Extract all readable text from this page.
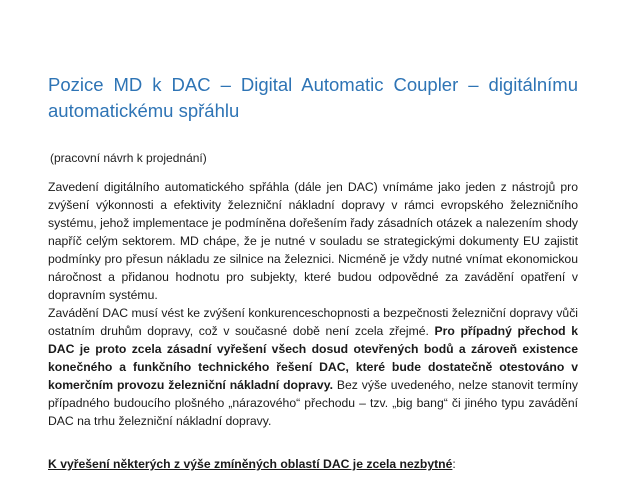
Pozice MD k DAC – Digital Automatic Coupler – digitálnímu automatickému spřáhlu

(pracovní návrh k projednání)

Zavedení digitálního automatického spřáhla (dále jen DAC) vnímáme jako jeden z nástrojů pro zvýšení výkonnosti a efektivity železniční nákladní dopravy v rámci evropského železničního systému, jehož implementace je podmíněna dořešením řady zásadních otázek a nalezením shody napříč celým sektorem. MD chápe, že je nutné v souladu se strategickými dokumenty EU zajistit podmínky pro přesun nákladu ze silnice na železnici. Nicméně je vždy nutné vnímat ekonomickou náročnost a přidanou hodnotu pro subjekty, které budou odpovědné za zavádění opatření v dopravním systému.

Zavádění DAC musí vést ke zvýšení konkurenceschopnosti a bezpečnosti železniční dopravy vůči ostatním druhům dopravy, což v současné době není zcela zřejmé. Pro případný přechod k DAC je proto zcela zásadní vyřešení všech dosud otevřených bodů a zároveň existence konečného a funkčního technického řešení DAC, které bude dostatečně otestováno v komerčním provozu železniční nákladní dopravy. Bez výše uvedeného, nelze stanovit termíny případného budoucího plošného „nárazového“ přechodu – tzv. „big bang“ či jiného typu zavádění DAC na trhu železniční nákladní dopravy.

K vyřešení některých z výše zmíněných oblastí DAC je zcela nezbytné:
